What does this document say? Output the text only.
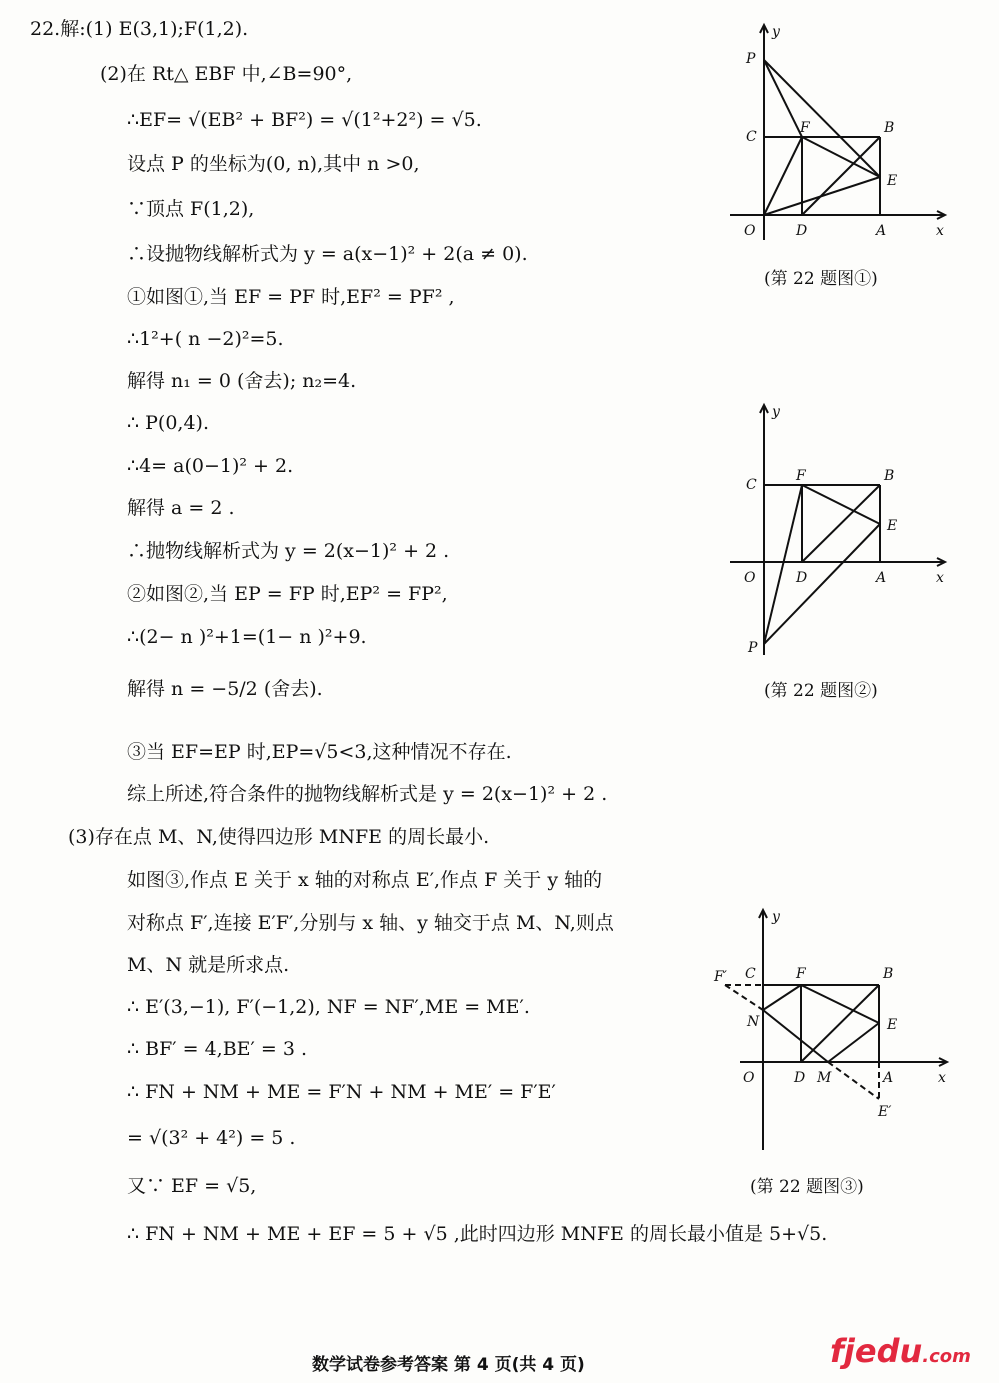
22.解:(1) E(3,1);F(1,2).
(2)在 Rt△ EBF 中,∠B=90°,
∴EF= √(EB² + BF²) = √(1²+2²) = √5.
设点 P 的坐标为(0, n),其中 n >0,
∵顶点 F(1,2),
∴设抛物线解析式为 y = a(x−1)² + 2(a ≠ 0).
①如图①,当 EF = PF 时,EF² = PF² ,
∴1²+( n −2)²=5.
解得 n₁ = 0 (舍去); n₂=4.
∴ P(0,4).
∴4= a(0−1)² + 2.
解得 a = 2 .
∴抛物线解析式为 y = 2(x−1)² + 2 .
②如图②,当 EP = FP 时,EP² = FP²,
∴(2− n )²+1=(1− n )²+9.
解得 n = −5/2 (舍去).
③当 EF=EP 时,EP=√5<3,这种情况不存在.
综上所述,符合条件的抛物线解析式是 y = 2(x−1)² + 2 .
(3)存在点 M、N,使得四边形 MNFE 的周长最小.
如图③,作点 E 关于 x 轴的对称点 E′,作点 F 关于 y 轴的
对称点 F′,连接 E′F′,分别与 x 轴、y 轴交于点 M、N,则点
M、N 就是所求点.
∴ E′(3,−1), F′(−1,2), NF = NF′,ME = ME′.
∴ BF′ = 4,BE′ = 3 .
∴ FN + NM + ME = F′N + NM + ME′ = F′E′
= √(3² + 4²) = 5 .
又∵ EF = √5,
∴ FN + NM + ME + EF = 5 + √5 ,此时四边形 MNFE 的周长最小值是 5+√5.
O	D	A	x
y
C
F	B
E
P
(第 22 题图①)
O	D	A	x
y
C
F	B
E
P
(第 22 题图②)
O	D M	A	x
y
C	F	B
E
N
F′
E′
(第 22 题图③)
数学试卷参考答案 第 4 页(共 4 页)	fjedu.com
